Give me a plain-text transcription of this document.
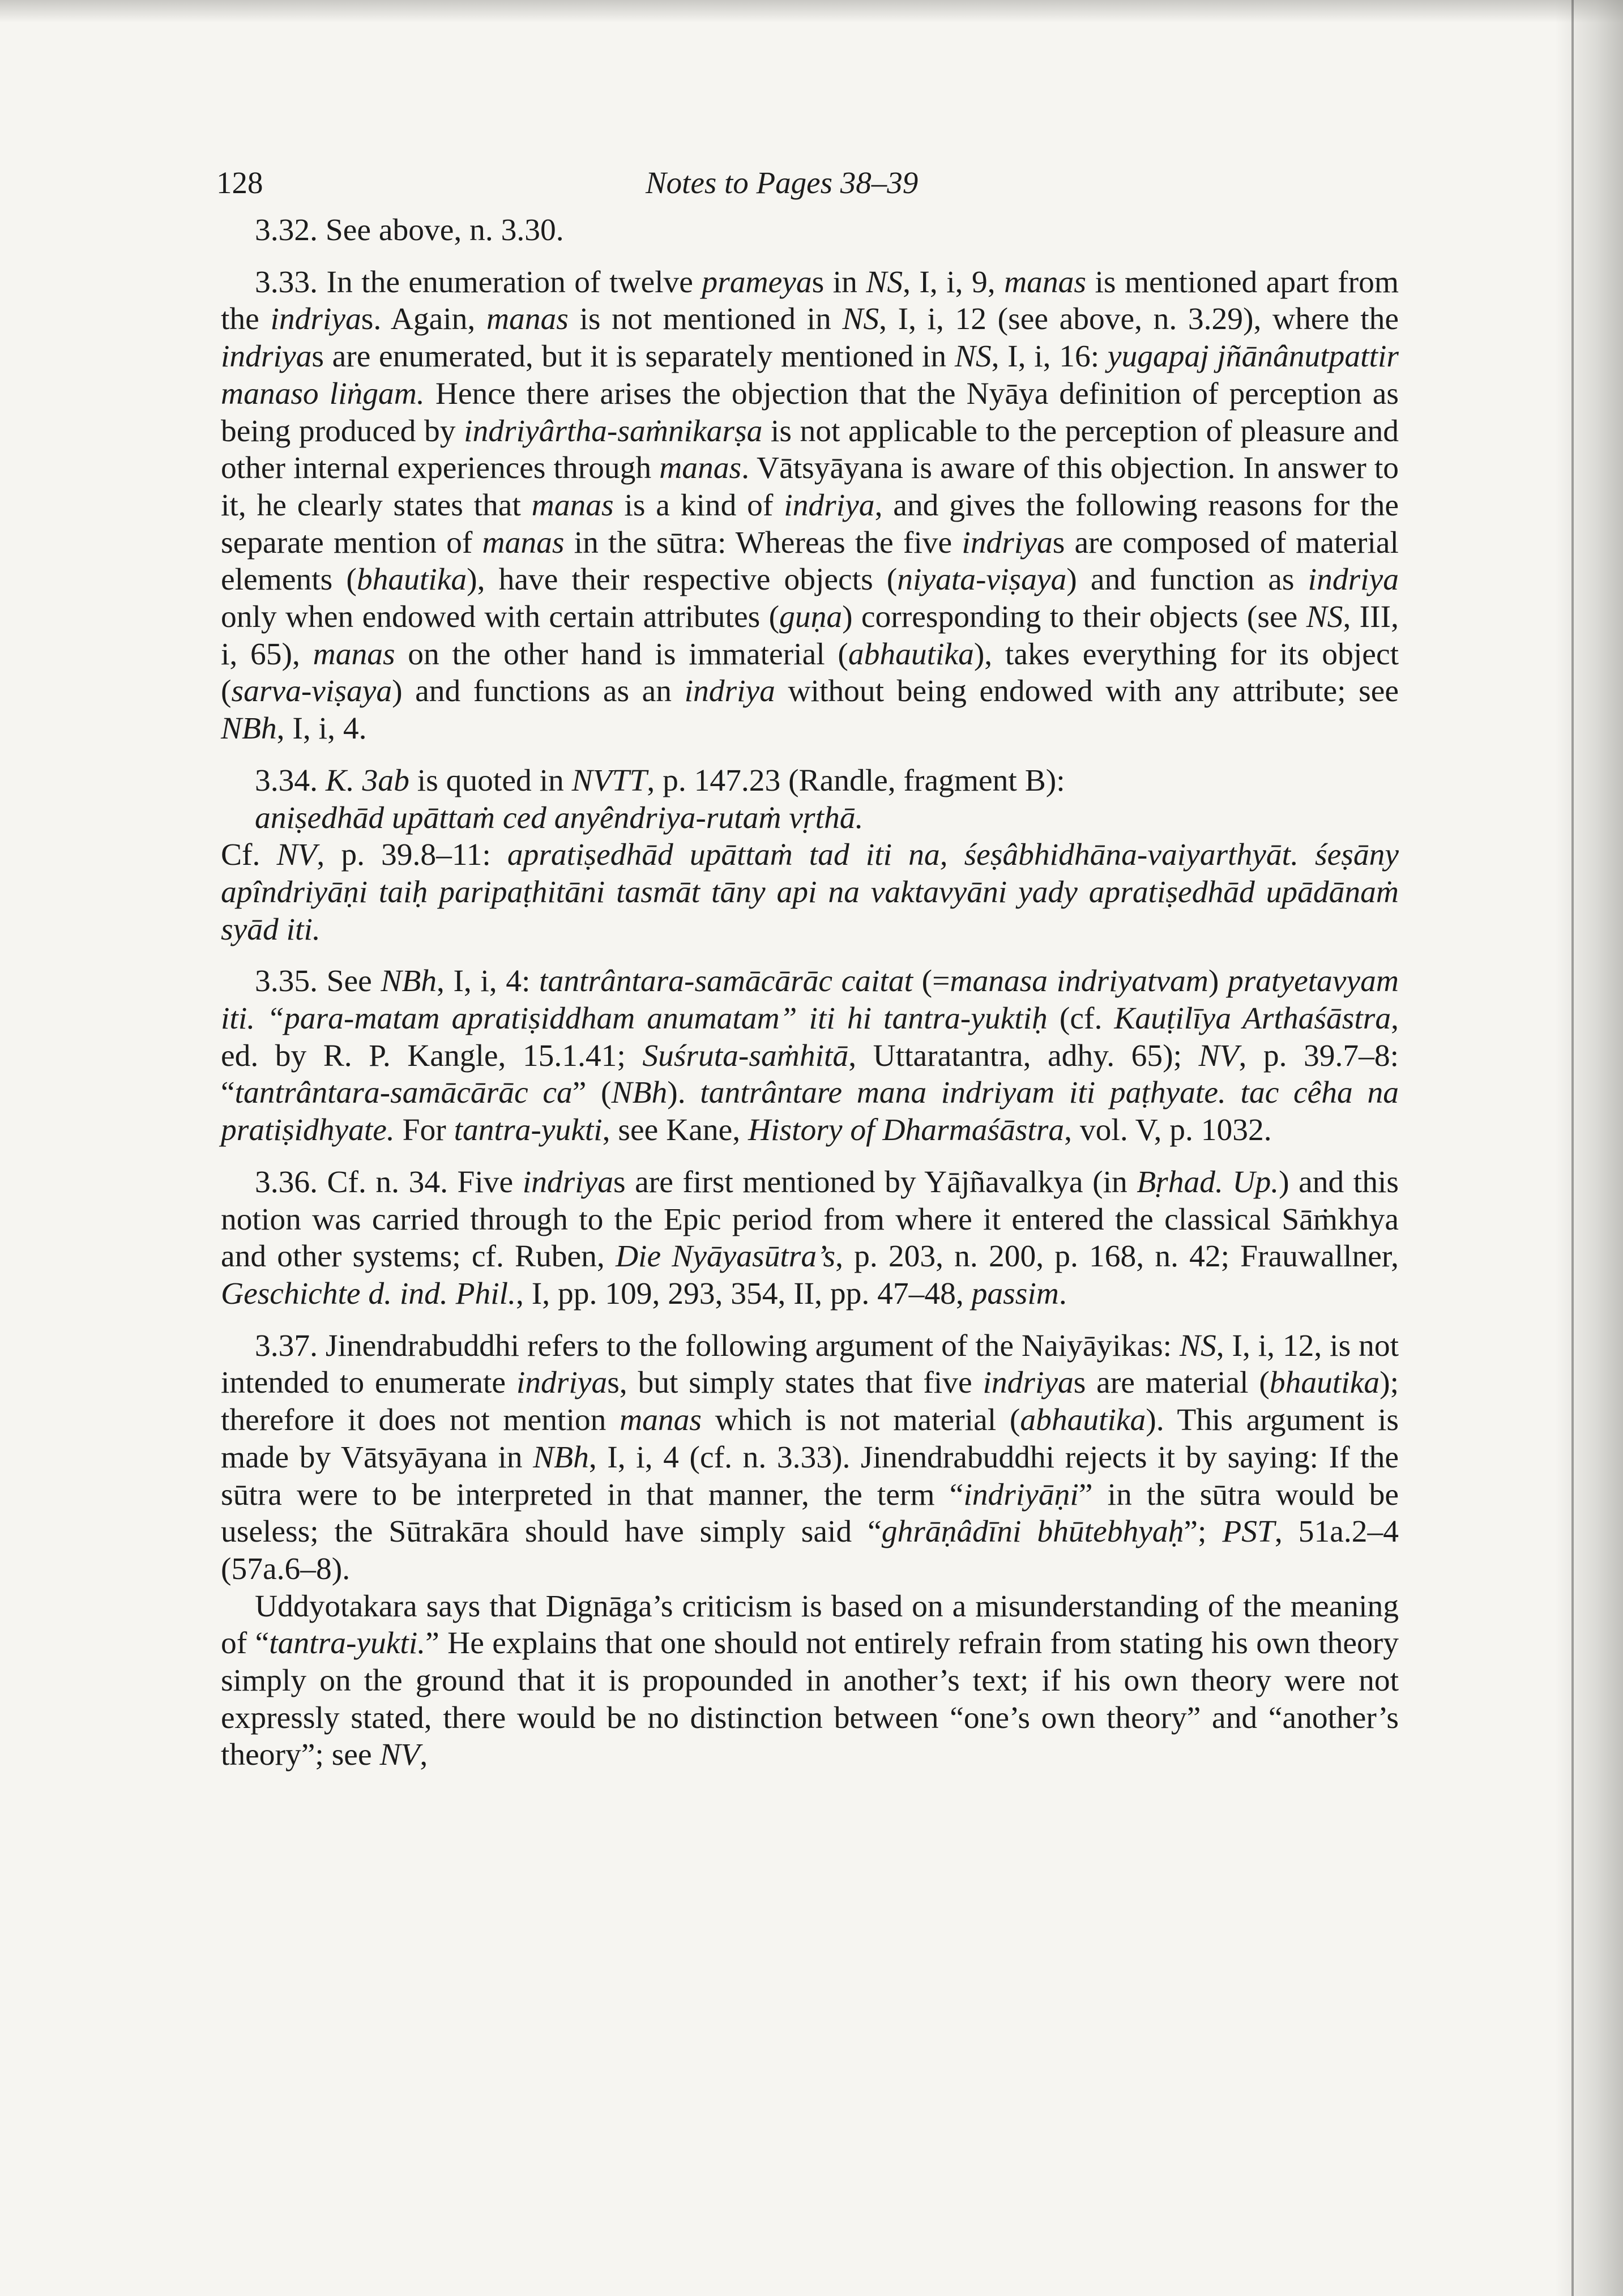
128	Notes to Pages 38–39

3.32. See above, n. 3.30.

3.33. In the enumeration of twelve prameyas in NS, I, i, 9, manas is mentioned apart from the indriyas. Again, manas is not mentioned in NS, I, i, 12 (see above, n. 3.29), where the indriyas are enumerated, but it is separately mentioned in NS, I, i, 16: yugapaj jñānânutpattir manaso liṅgam. Hence there arises the objection that the Nyāya definition of perception as being produced by indriyârtha-saṁnikarṣa is not applicable to the perception of pleasure and other internal experiences through manas. Vātsyāyana is aware of this objection. In answer to it, he clearly states that manas is a kind of indriya, and gives the following reasons for the separate mention of manas in the sūtra: Whereas the five indriyas are composed of material elements (bhautika), have their respective objects (niyata-viṣaya) and function as indriya only when endowed with certain attributes (guṇa) corresponding to their objects (see NS, III, i, 65), manas on the other hand is immaterial (abhautika), takes everything for its object (sarva-viṣaya) and functions as an indriya without being endowed with any attribute; see NBh, I, i, 4.

3.34. K. 3ab is quoted in NVTT, p. 147.23 (Randle, fragment B):

aniṣedhād upāttaṁ ced anyêndriya-rutaṁ vṛthā.

Cf. NV, p. 39.8–11: apratiṣedhād upāttaṁ tad iti na, śeṣâbhidhāna-vaiyarthyāt. śeṣāny apîndriyāṇi taiḥ paripaṭhitāni tasmāt tāny api na vaktavyāni yady apratiṣedhād upādānaṁ syād iti.

3.35. See NBh, I, i, 4: tantrântara-samācārāc caitat (=manasa indriyatvam) pratyetavyam iti. “para-matam apratiṣiddham anumatam” iti hi tantra-yuktiḥ (cf. Kauṭilīya Arthaśāstra, ed. by R. P. Kangle, 15.1.41; Suśruta-saṁhitā, Uttaratantra, adhy. 65); NV, p. 39.7–8: “tantrântara-samācārāc ca” (NBh). tantrântare mana indriyam iti paṭhyate. tac cêha na pratiṣidhyate. For tantra-yukti, see Kane, History of Dharmaśāstra, vol. V, p. 1032.

3.36. Cf. n. 34. Five indriyas are first mentioned by Yājñavalkya (in Bṛhad. Up.) and this notion was carried through to the Epic period from where it entered the classical Sāṁkhya and other systems; cf. Ruben, Die Nyāyasūtra’s, p. 203, n. 200, p. 168, n. 42; Frauwallner, Geschichte d. ind. Phil., I, pp. 109, 293, 354, II, pp. 47–48, passim.

3.37. Jinendrabuddhi refers to the following argument of the Naiyāyikas: NS, I, i, 12, is not intended to enumerate indriyas, but simply states that five indriyas are material (bhautika); therefore it does not mention manas which is not material (abhautika). This argument is made by Vātsyāyana in NBh, I, i, 4 (cf. n. 3.33). Jinendrabuddhi rejects it by saying: If the sūtra were to be interpreted in that manner, the term “indriyāṇi” in the sūtra would be useless; the Sūtrakāra should have simply said “ghrāṇâdīni bhūtebhyaḥ”; PST, 51a.2–4 (57a.6–8).

Uddyotakara says that Dignāga’s criticism is based on a misunderstanding of the meaning of “tantra-yukti.” He explains that one should not entirely refrain from stating his own theory simply on the ground that it is propounded in another’s text; if his own theory were not expressly stated, there would be no distinction between “one’s own theory” and “another’s theory”; see NV,
